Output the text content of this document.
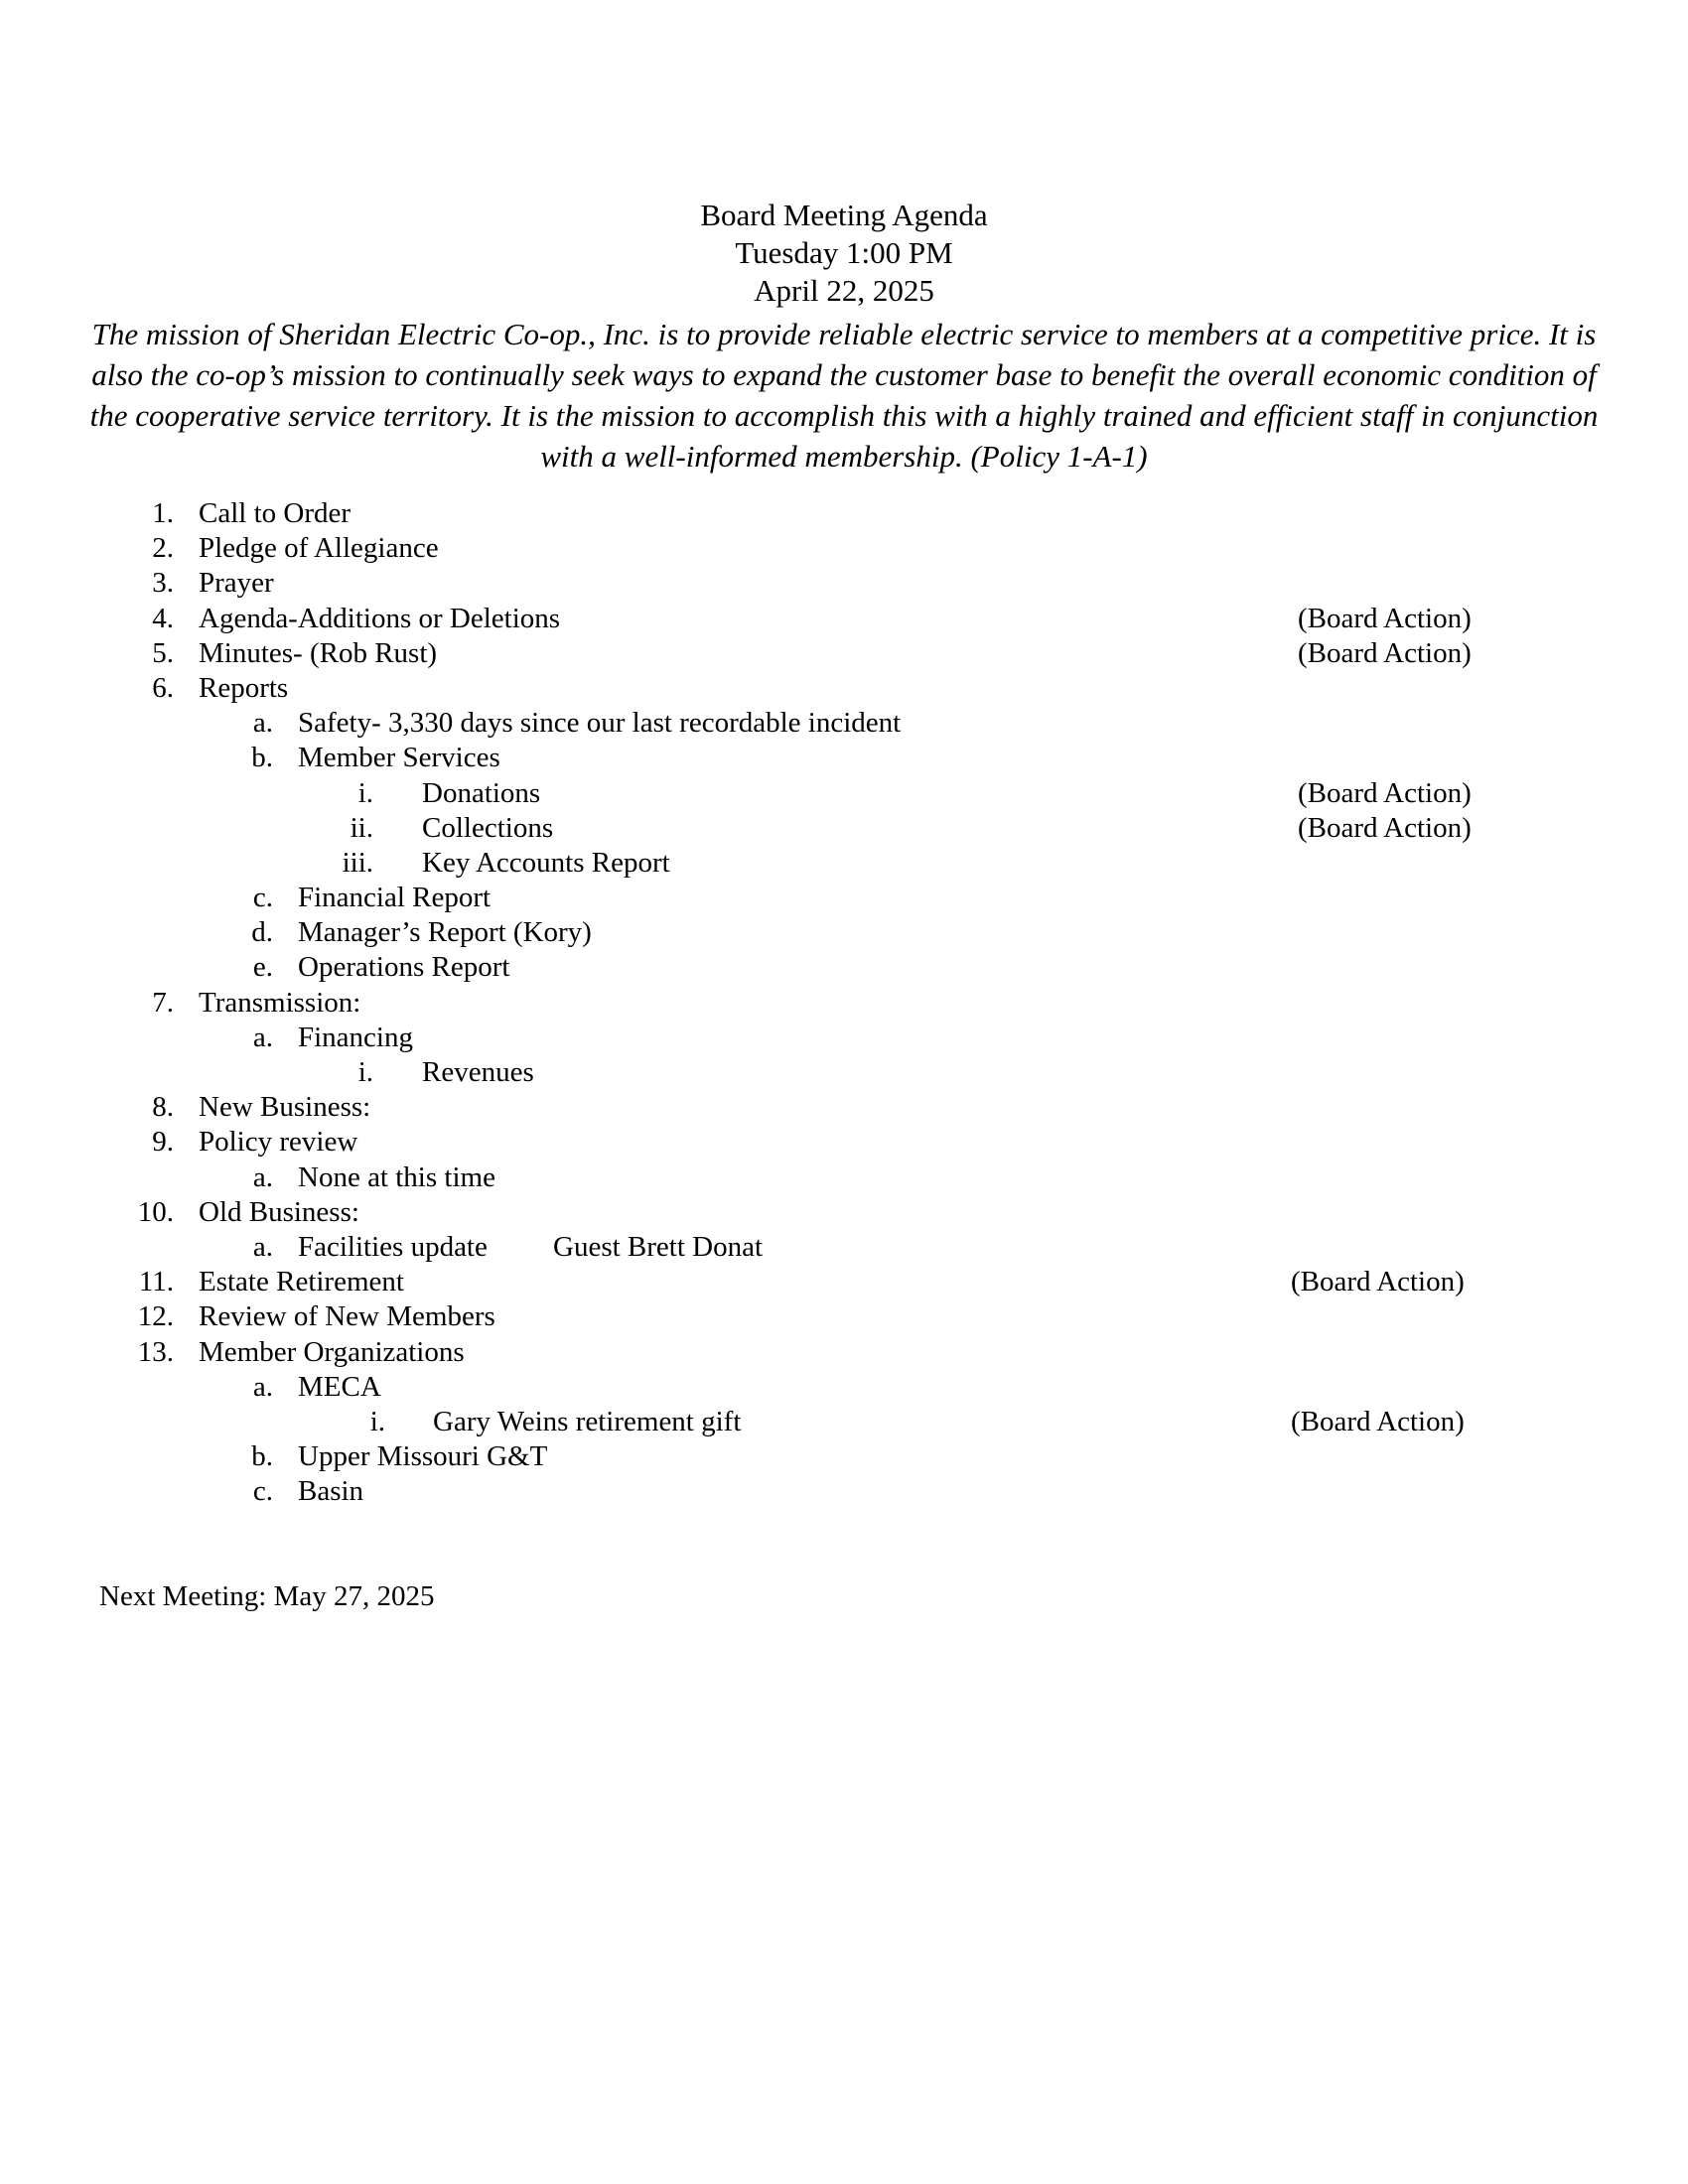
Board Meeting Agenda
Tuesday 1:00 PM
April 22, 2025
The mission of Sheridan Electric Co-op., Inc. is to provide reliable electric service to members at a competitive price. It is also the co-op’s mission to continually seek ways to expand the customer base to benefit the overall economic condition of the cooperative service territory. It is the mission to accomplish this with a highly trained and efficient staff in conjunction with a well-informed membership. (Policy 1-A-1)
1. Call to Order
2. Pledge of Allegiance
3. Prayer
4. Agenda-Additions or Deletions	(Board Action)
5. Minutes- (Rob Rust)	(Board Action)
6. Reports
a. Safety- 3,330 days since our last recordable incident
b. Member Services
i. Donations	(Board Action)
ii. Collections	(Board Action)
iii. Key Accounts Report
c. Financial Report
d. Manager’s Report (Kory)
e. Operations Report
7. Transmission:
a. Financing
i. Revenues
8. New Business:
9. Policy review
a. None at this time
10. Old Business:
a. Facilities update Guest Brett Donat
11. Estate Retirement	(Board Action)
12. Review of New Members
13. Member Organizations
a. MECA
i. Gary Weins retirement gift	(Board Action)
b. Upper Missouri G&T
c. Basin
Next Meeting: May 27, 2025
